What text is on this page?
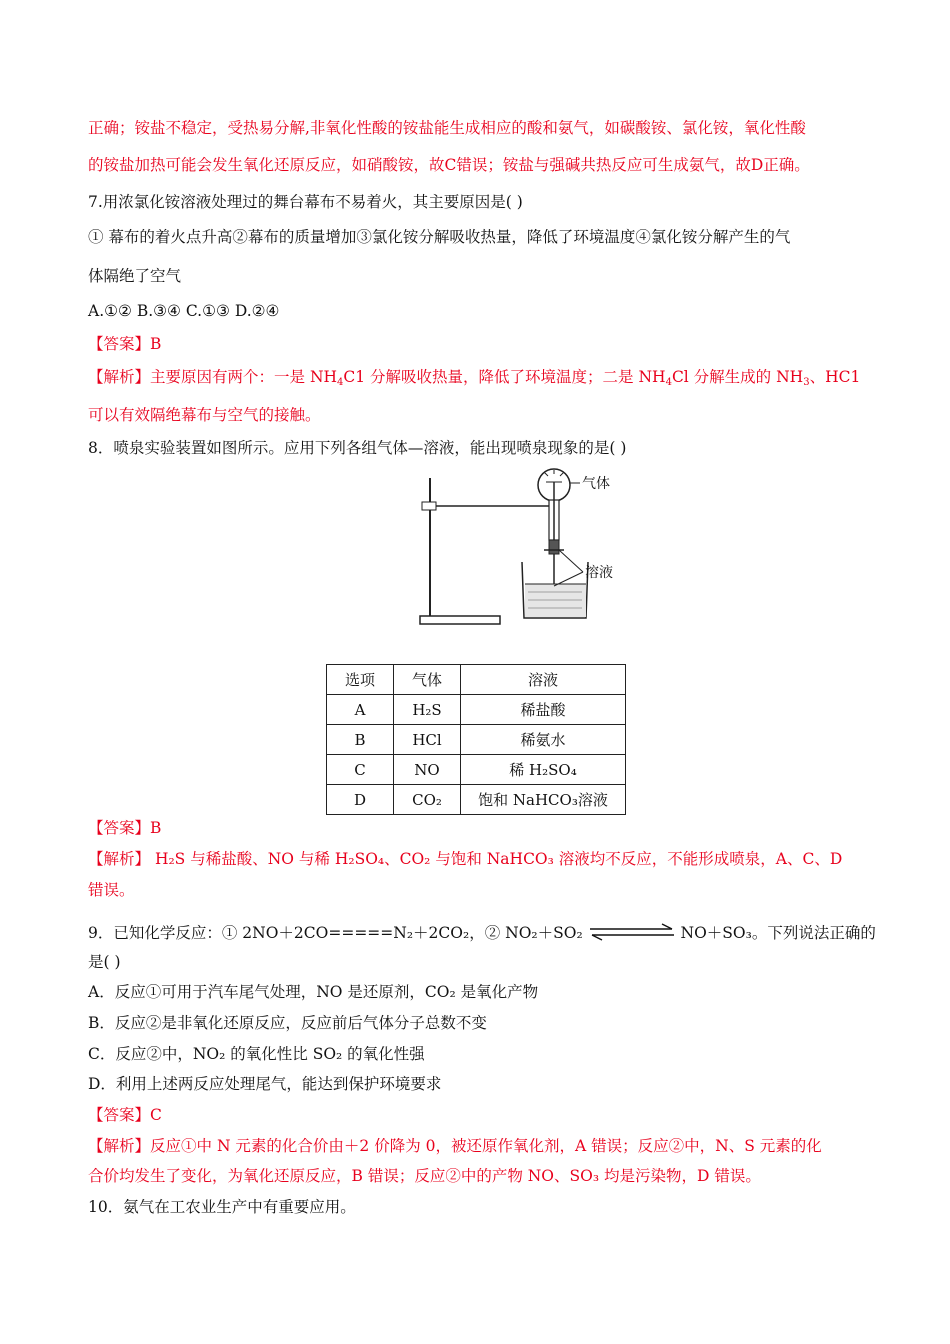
正确；铵盐不稳定，受热易分解,非氧化性酸的铵盐能生成相应的酸和氨气，如碳酸铵、氯化铵，氧化性酸
的铵盐加热可能会发生氧化还原反应，如硝酸铵，故C错误；铵盐与强碱共热反应可生成氨气，故D正确。
7.用浓氯化铵溶液处理过的舞台幕布不易着火，其主要原因是( )
① 幕布的着火点升高②幕布的质量增加③氯化铵分解吸收热量，降低了环境温度④氯化铵分解产生的气
体隔绝了空气
A.①② B.③④ C.①③ D.②④
【答案】B
【解析】主要原因有两个：一是 $NH_4C1$ 分解吸收热量，降低了环境温度；二是 $NH_4Cl$ 分解生成的 $NH_3$、HC1
可以有效隔绝幕布与空气的接触。
8．喷泉实验装置如图所示。应用下列各组气体—溶液，能出现喷泉现象的是( )
气体
溶液
选项	气体	溶液
A	H₂S	稀盐酸
B	HCl	稀氨水
C	NO	稀 H₂SO₄
D	CO₂	饱和 NaHCO₃溶液
【答案】B
【解析】 H₂S 与稀盐酸、NO 与稀 H₂SO₄、CO₂ 与饱和 NaHCO₃ 溶液均不反应，不能形成喷泉，A、C、D
错误。
9．已知化学反应：① 2NO＋2CO=====N₂＋2CO₂，② NO₂＋SO₂	NO＋SO₃。下列说法正确的
是( )
A．反应①可用于汽车尾气处理，NO 是还原剂，CO₂ 是氧化产物
B．反应②是非氧化还原反应，反应前后气体分子总数不变
C．反应②中，NO₂ 的氧化性比 SO₂ 的氧化性强
D．利用上述两反应处理尾气，能达到保护环境要求
【答案】C
【解析】反应①中 N 元素的化合价由＋2 价降为 0，被还原作氧化剂，A 错误；反应②中，N、S 元素的化
合价均发生了变化，为氧化还原反应，B 错误；反应②中的产物 NO、SO₃ 均是污染物，D 错误。
10．氨气在工农业生产中有重要应用。
